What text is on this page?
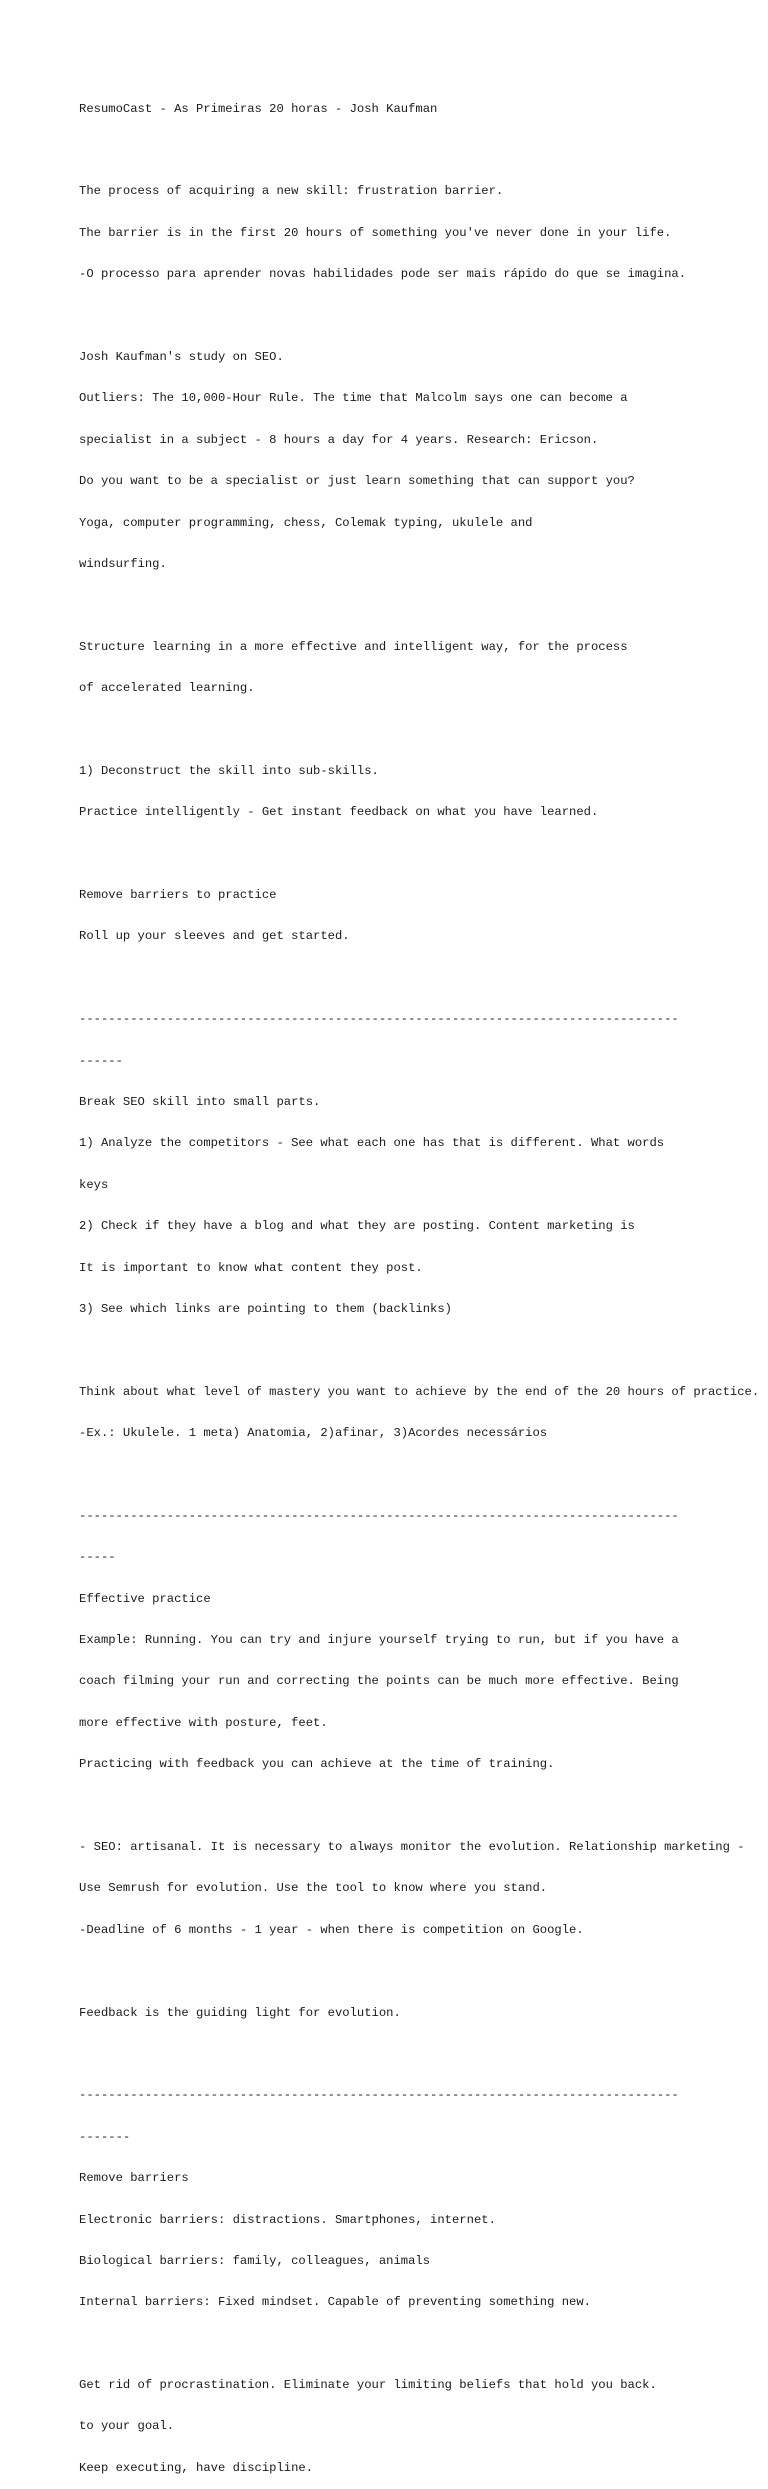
ResumoCast - As Primeiras 20 horas - Josh Kaufman

The process of acquiring a new skill: frustration barrier.

The barrier is in the first 20 hours of something you've never done in your life.

-O processo para aprender novas habilidades pode ser mais rápido do que se imagina.

Josh Kaufman's study on SEO.

Outliers: The 10,000-Hour Rule. The time that Malcolm says one can become a

specialist in a subject - 8 hours a day for 4 years. Research: Ericson.

Do you want to be a specialist or just learn something that can support you?

Yoga, computer programming, chess, Colemak typing, ukulele and

windsurfing.

Structure learning in a more effective and intelligent way, for the process

of accelerated learning.

1) Deconstruct the skill into sub-skills.

Practice intelligently - Get instant feedback on what you have learned.

Remove barriers to practice

Roll up your sleeves and get started.

----------------------------------------------------------------------------------

------

Break SEO skill into small parts.

1) Analyze the competitors - See what each one has that is different. What words

keys

2) Check if they have a blog and what they are posting. Content marketing is

It is important to know what content they post.

3) See which links are pointing to them (backlinks)

Think about what level of mastery you want to achieve by the end of the 20 hours of practice.

-Ex.: Ukulele. 1 meta) Anatomia, 2)afinar, 3)Acordes necessários

----------------------------------------------------------------------------------

-----

Effective practice

Example: Running. You can try and injure yourself trying to run, but if you have a

coach filming your run and correcting the points can be much more effective. Being

more effective with posture, feet.

Practicing with feedback you can achieve at the time of training.

- SEO: artisanal. It is necessary to always monitor the evolution. Relationship marketing -

Use Semrush for evolution. Use the tool to know where you stand.

-Deadline of 6 months - 1 year - when there is competition on Google.

Feedback is the guiding light for evolution.

----------------------------------------------------------------------------------

-------

Remove barriers

Electronic barriers: distractions. Smartphones, internet.

Biological barriers: family, colleagues, animals

Internal barriers: Fixed mindset. Capable of preventing something new.

Get rid of procrastination. Eliminate your limiting beliefs that hold you back.

to your goal.

Keep executing, have discipline.
